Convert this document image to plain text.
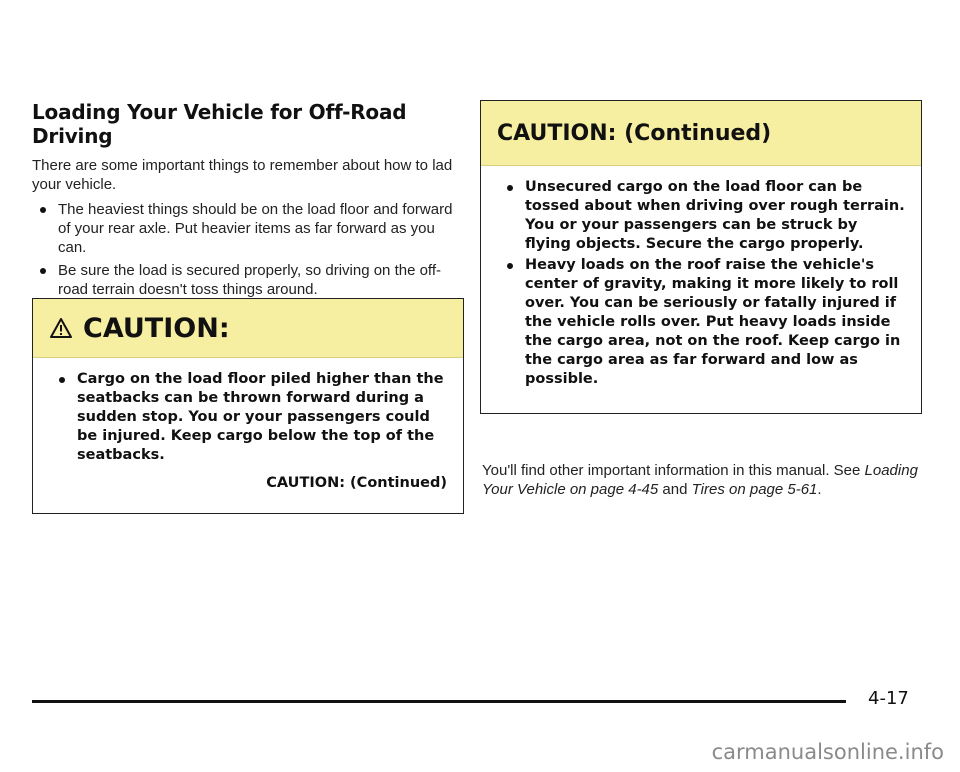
Loading Your Vehicle for Off-Road Driving

There are some important things to remember about how to lad your vehicle.

The heaviest things should be on the load floor and forward of your rear axle. Put heavier items as far forward as you can.
Be sure the load is secured properly, so driving on the off-road terrain doesn't toss things around.
CAUTION:
Cargo on the load floor piled higher than the seatbacks can be thrown forward during a sudden stop. You or your passengers could be injured. Keep cargo below the top of the seatbacks.
CAUTION: (Continued)
CAUTION: (Continued)
Unsecured cargo on the load floor can be tossed about when driving over rough terrain. You or your passengers can be struck by flying objects. Secure the cargo properly.
Heavy loads on the roof raise the vehicle's center of gravity, making it more likely to roll over. You can be seriously or fatally injured if the vehicle rolls over. Put heavy loads inside the cargo area, not on the roof. Keep cargo in the cargo area as far forward and low as possible.

You'll find other important information in this manual. See Loading Your Vehicle on page 4-45 and Tires on page 5-61.

4-17
carmanualsonline.info
